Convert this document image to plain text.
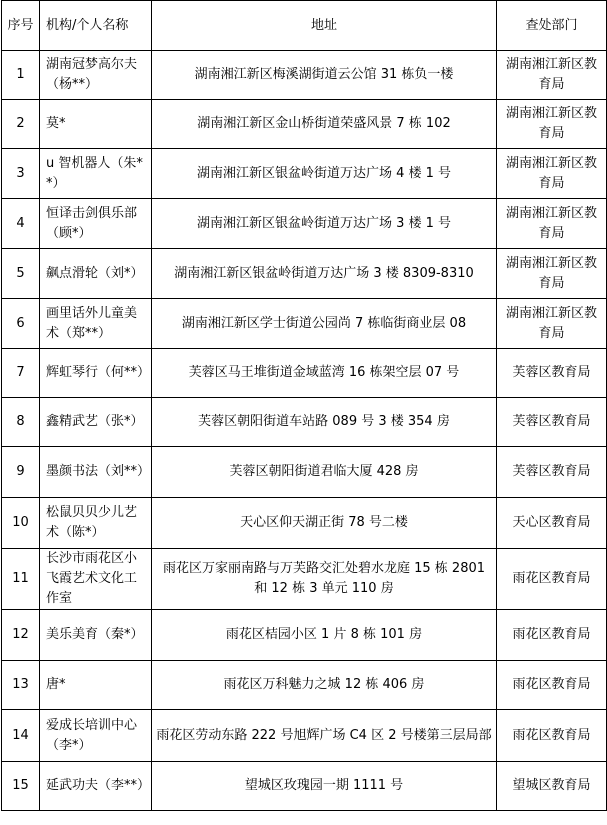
序号	机构/个人名称	地址	查处部门
1	湖南冠梦高尔夫（杨**）	湖南湘江新区梅溪湖街道云公馆 31 栋负一楼	湖南湘江新区教育局
2	莫*	湖南湘江新区金山桥街道荣盛风景 7 栋 102	湖南湘江新区教育局
3	u 智机器人（朱**）	湖南湘江新区银盆岭街道万达广场 4 楼 1 号	湖南湘江新区教育局
4	恒译击剑俱乐部（顾*）	湖南湘江新区银盆岭街道万达广场 3 楼 1 号	湖南湘江新区教育局
5	飙点滑轮（刘*）	湖南湘江新区银盆岭街道万达广场 3 楼 8309-8310	湖南湘江新区教育局
6	画里话外儿童美术（郑**）	湖南湘江新区学士街道公园尚 7 栋临街商业层 08	湖南湘江新区教育局
7	辉虹琴行（何**）	芙蓉区马王堆街道金域蓝湾 16 栋架空层 07 号	芙蓉区教育局
8	鑫精武艺（张*）	芙蓉区朝阳街道车站路 089 号 3 楼 354 房	芙蓉区教育局
9	墨颜书法（刘**）	芙蓉区朝阳街道君临大厦 428 房	芙蓉区教育局
10	松鼠贝贝少儿艺术（陈*）	天心区仰天湖正街 78 号二楼	天心区教育局
11	长沙市雨花区小飞霞艺术文化工作室	雨花区万家丽南路与万芙路交汇处碧水龙庭 15 栋 2801 和 12 栋 3 单元 110 房	雨花区教育局
12	美乐美育（秦*）	雨花区桔园小区 1 片 8 栋 101 房	雨花区教育局
13	唐*	雨花区万科魅力之城 12 栋 406 房	雨花区教育局
14	爱成长培训中心（李*）	雨花区劳动东路 222 号旭辉广场 C4 区 2 号楼第三层局部	雨花区教育局
15	延武功夫（李**）	望城区玫瑰园一期 1111 号	望城区教育局
